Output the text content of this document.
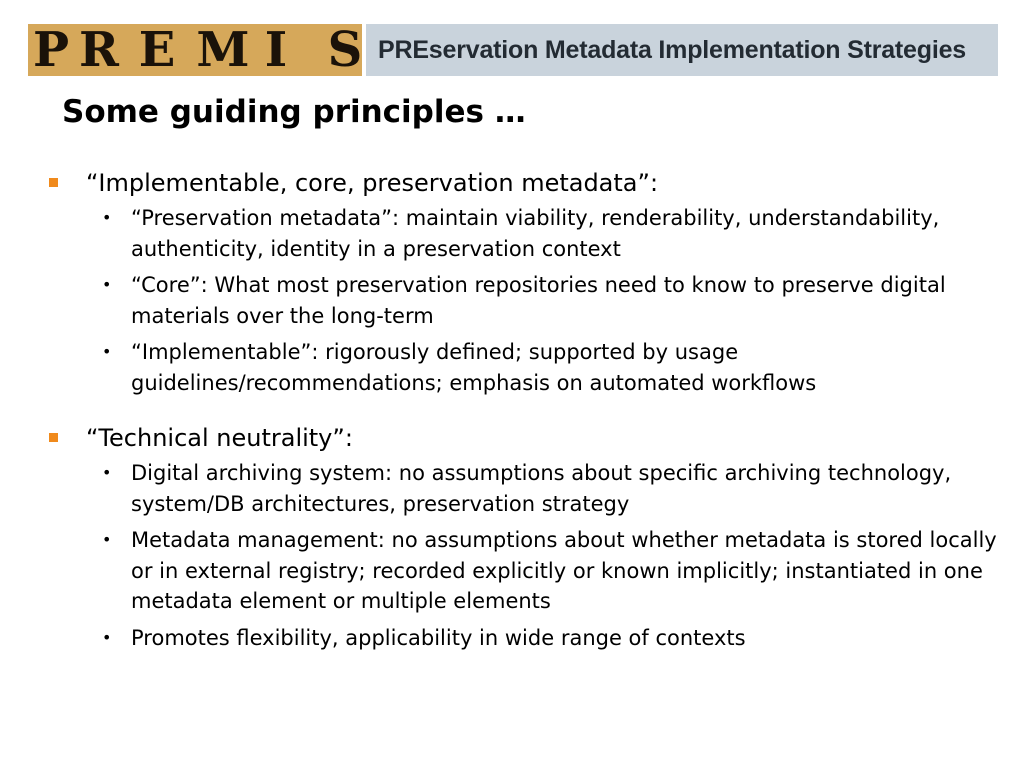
P R E M I S PREservation Metadata Implementation Strategies
Some guiding principles …
“Implementable, core, preservation metadata”:
• “Preservation metadata”: maintain viability, renderability, understandability, authenticity, identity in a preservation context
• “Core”: What most preservation repositories need to know to preserve digital materials over the long-term
• “Implementable”: rigorously defined; supported by usage guidelines/recommendations; emphasis on automated workflows
“Technical neutrality”:
• Digital archiving system: no assumptions about specific archiving technology, system/DB architectures, preservation strategy
• Metadata management: no assumptions about whether metadata is stored locally or in external registry; recorded explicitly or known implicitly; instantiated in one metadata element or multiple elements
• Promotes flexibility, applicability in wide range of contexts
